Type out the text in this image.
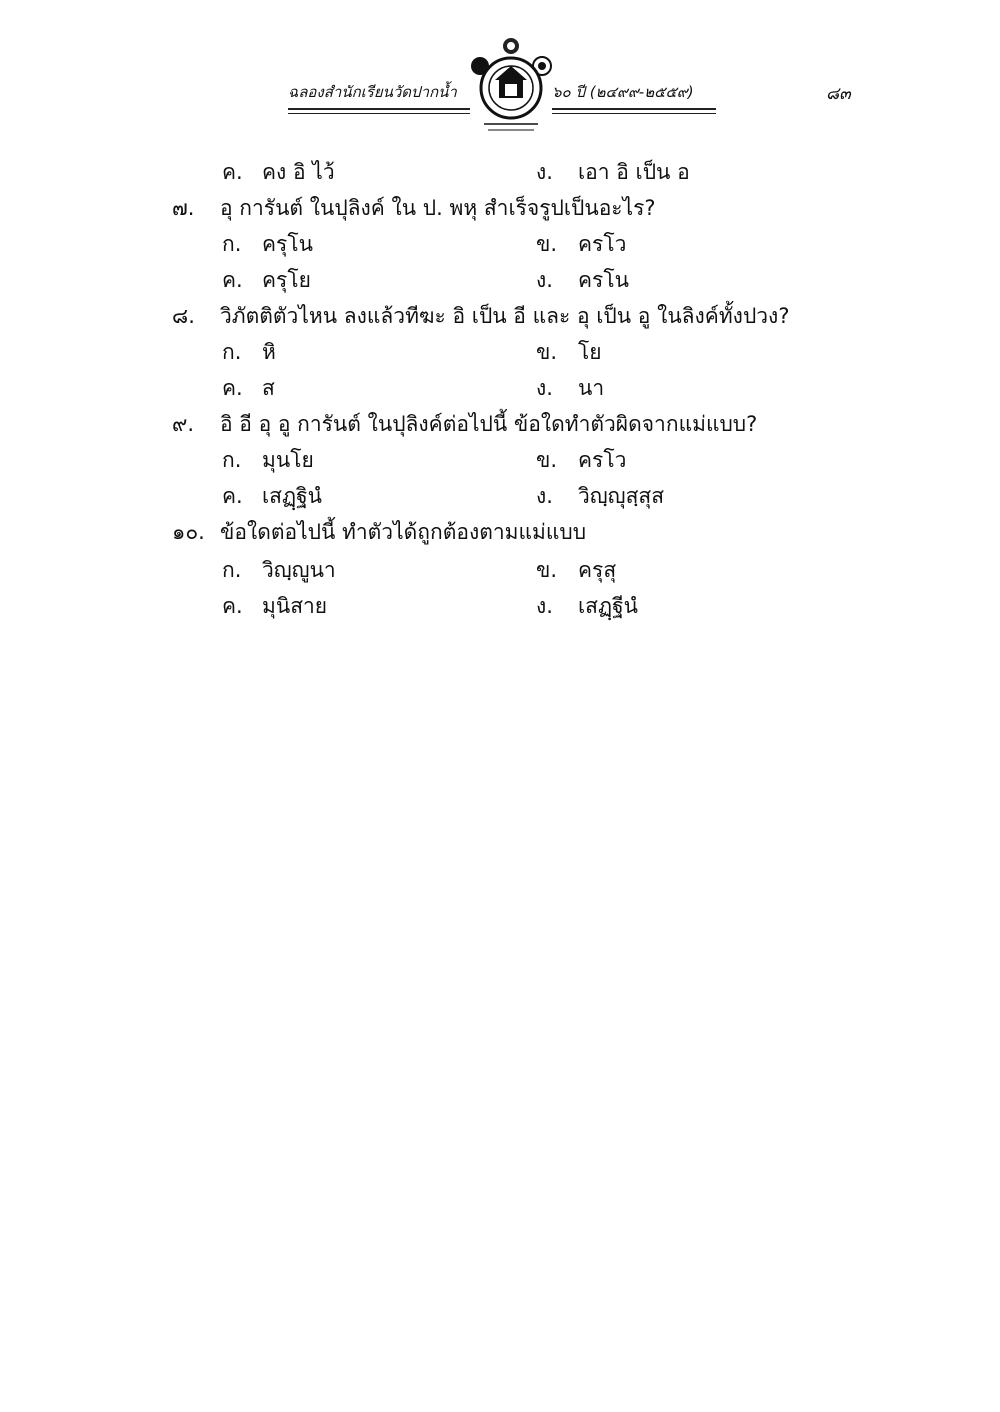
ฉลองสำนักเรียนวัดปากน้ำ	๖๐ ปี (๒๔๙๙-๒๕๕๙)	๘๓
ค. คง อิ ไว้	ง. เอา อิ เป็น อ
๗. อุ การันต์ ในปุลิงค์ ใน ป. พหุ สำเร็จรูปเป็นอะไร?
ก. ครุโน	ข. ครโว
ค. ครุโย	ง. ครโน
๘. วิภัตติตัวไหน ลงแล้วทีฆะ อิ เป็น อี และ อุ เป็น อู ในลิงค์ทั้งปวง?
ก. หิ	ข. โย
ค. ส	ง. นา
๙. อิ อี อุ อู การันต์ ในปุลิงค์ต่อไปนี้ ข้อใดทำตัวผิดจากแม่แบบ?
ก. มุนโย	ข. ครโว
ค. เสฏฺฐินํ	ง. วิญฺญุสฺสุส
๑๐. ข้อใดต่อไปนี้ ทำตัวได้ถูกต้องตามแม่แบบ
ก. วิญฺญูนา	ข. ครุสุ
ค. มุนิสาย	ง. เสฏฺฐีนํ
